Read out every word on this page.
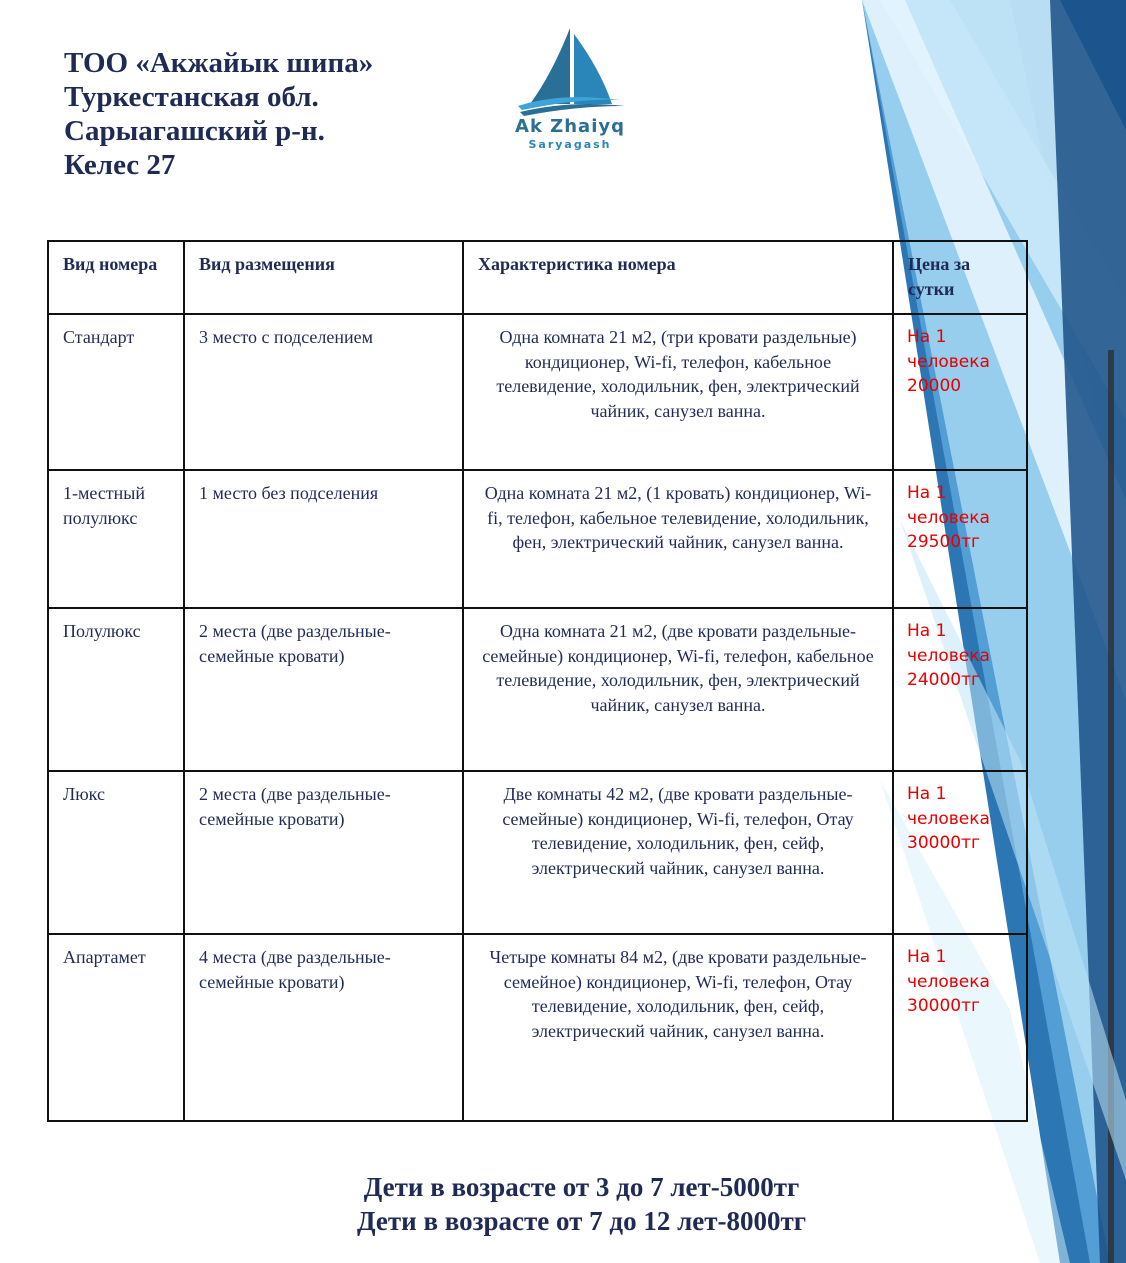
ТОО «Акжайык шипа»
Туркестанская обл.
Сарыагашский р-н.
Келес 27
Ak Zhaiyq
Saryagash
Вид номера	Вид размещения	Характеристика номера	Цена за сутки
Стандарт	3 место с подселением	Одна комната 21 м2, (три кровати раздельные) кондиционер, Wi-fi, телефон, кабельное телевидение, холодильник, фен, электрический чайник, санузел ванна.	На 1
человека
20000

1-местный полулюкс	1 место без подселения	Одна комната 21 м2, (1 кровать) кондиционер, Wi-fi, телефон, кабельное телевидение, холодильник, фен, электрический чайник, санузел ванна.	На 1
человека
29500тг

Полулюкс	2 места (две раздельные-семейные кровати)	Одна комната 21 м2, (две кровати раздельные-семейные) кондиционер, Wi-fi, телефон, кабельное телевидение, холодильник, фен, электрический чайник, санузел ванна.	На 1
человека
24000тг

Люкс	2 места (две раздельные-семейные кровати)	Две комнаты 42 м2, (две кровати раздельные-семейные) кондиционер, Wi-fi, телефон, Отау телевидение, холодильник, фен, сейф, электрический чайник, санузел ванна.	На 1
человека
30000тг

Апартамет	4 места (две раздельные-семейные кровати)	Четыре комнаты 84 м2, (две кровати раздельные-семейное) кондиционер, Wi-fi, телефон, Отау телевидение, холодильник, фен, сейф, электрический чайник, санузел ванна.	На 1
человека
30000тг
Дети в возрасте от 3 до 7 лет-5000тг
Дети в возрасте от 7 до 12 лет-8000тг
